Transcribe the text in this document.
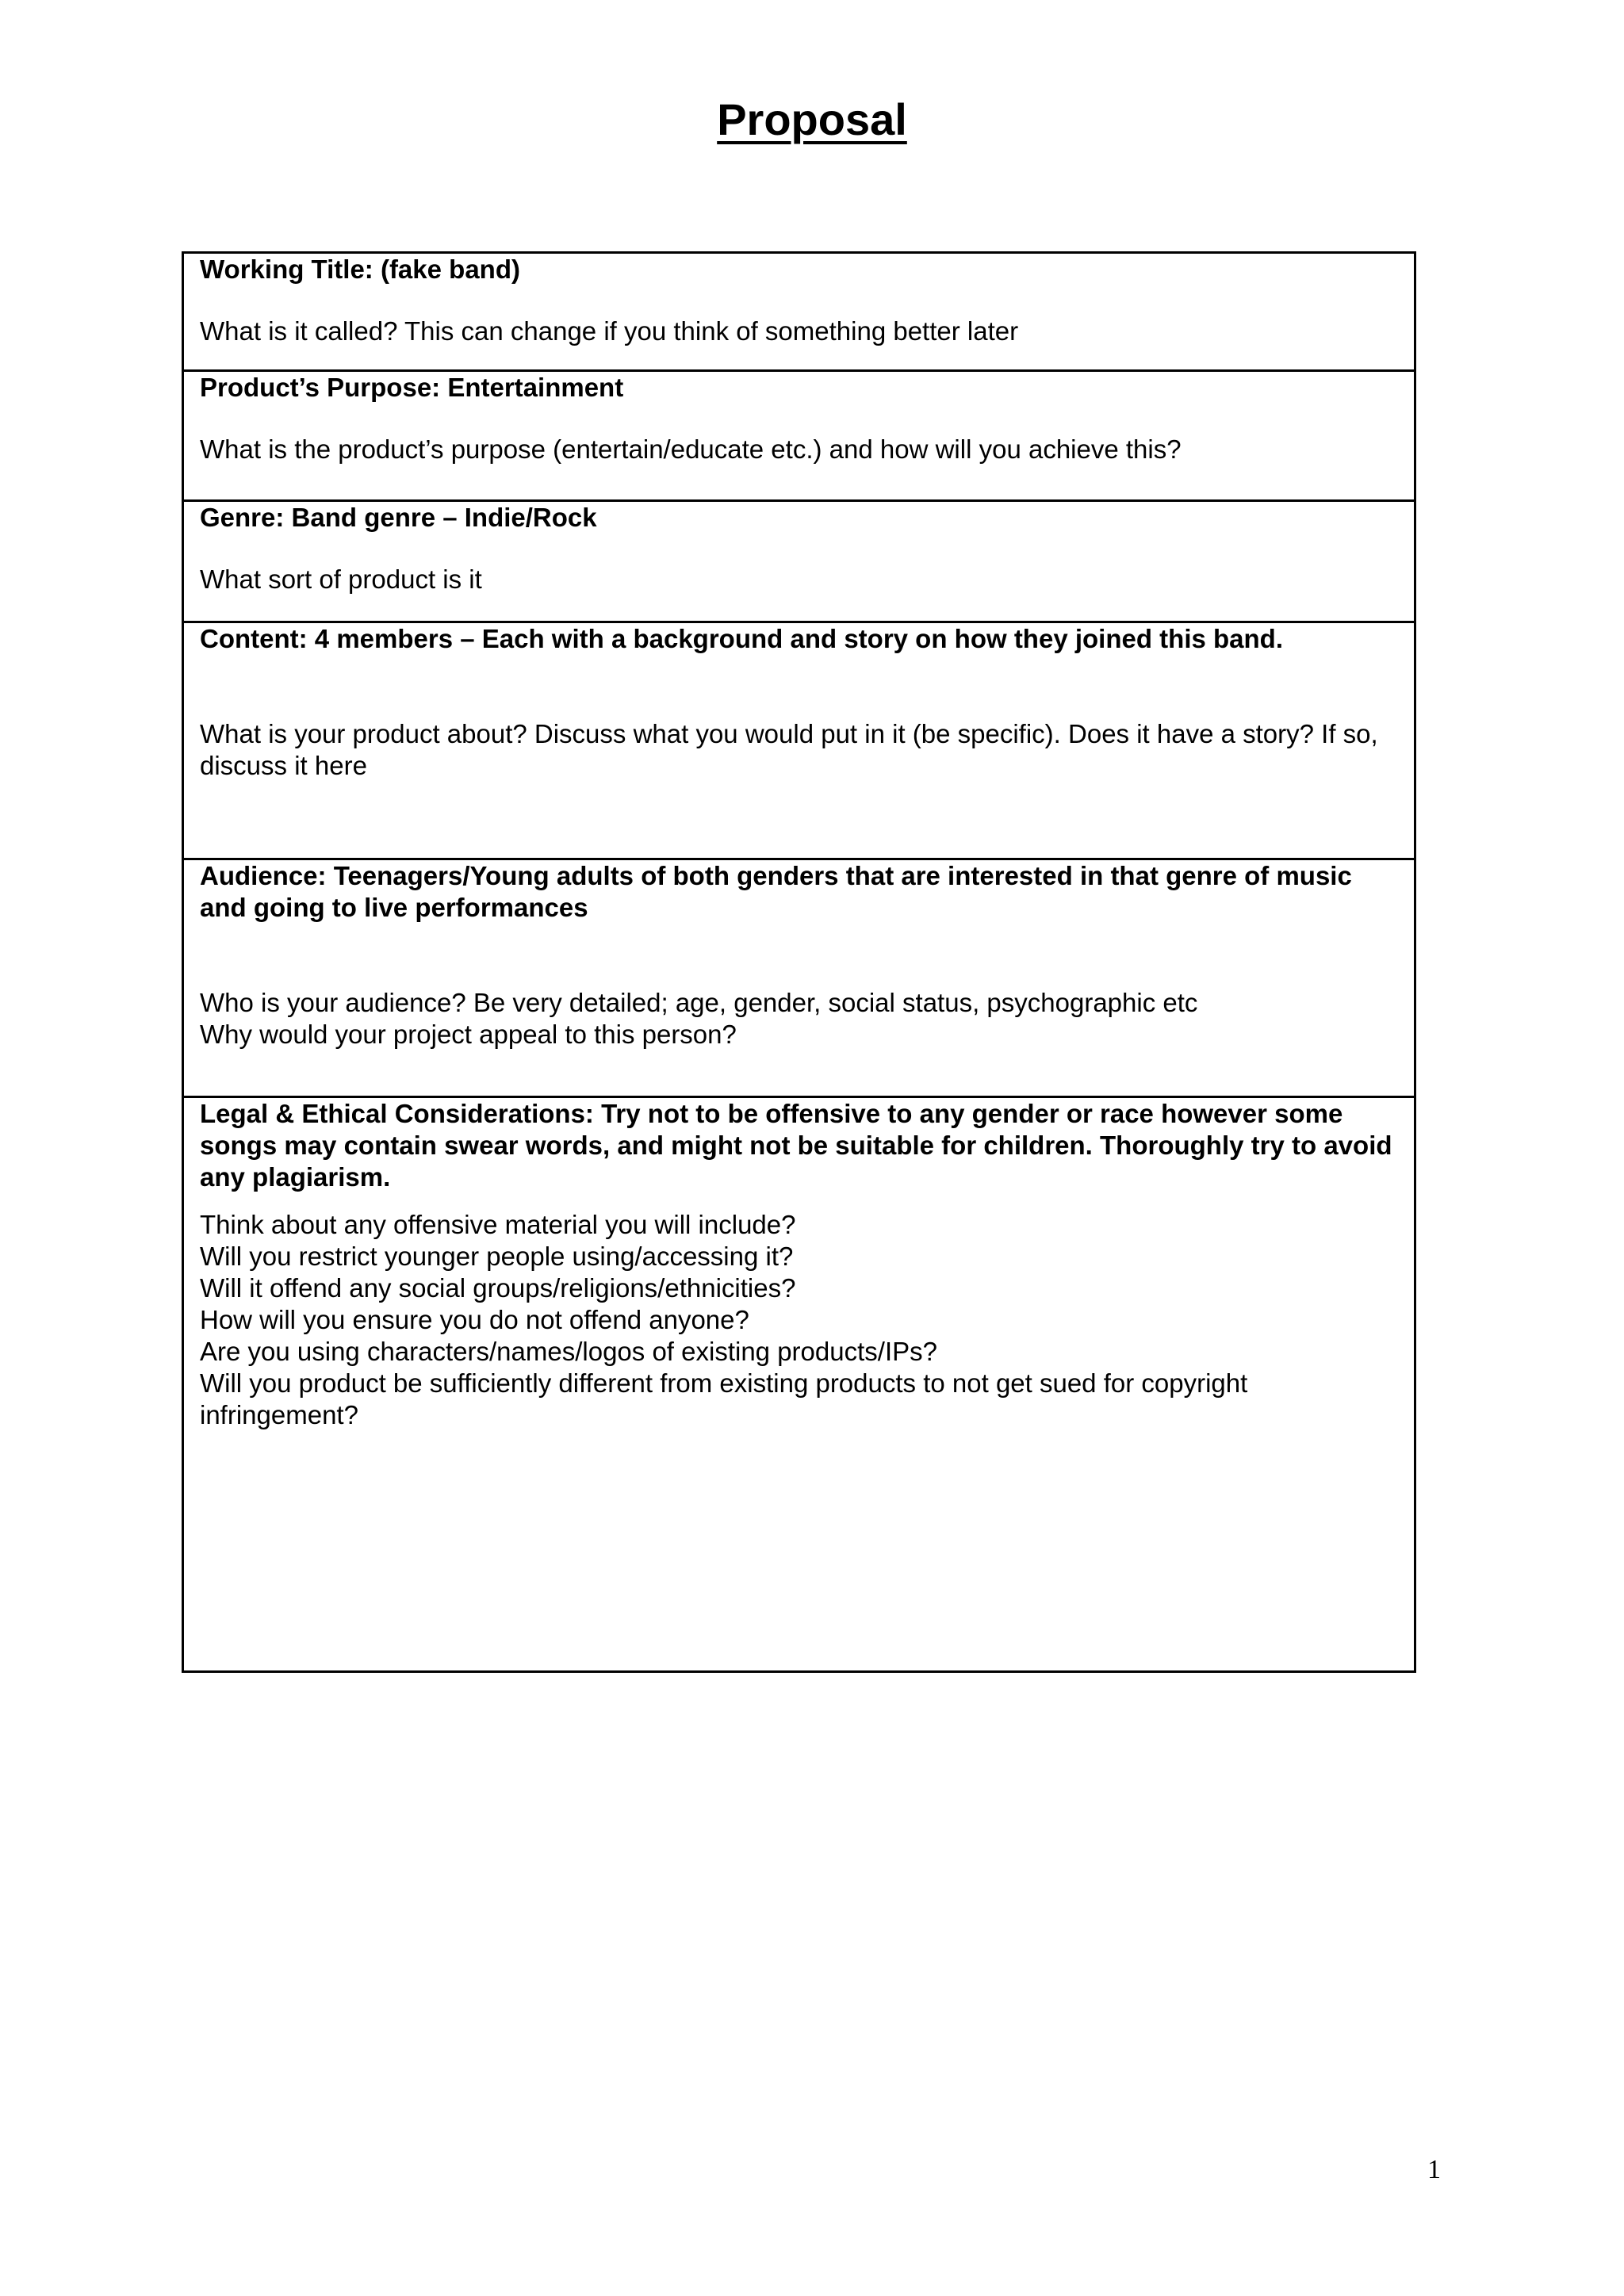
Proposal

Working Title: (fake band)

What is it called? This can change if you think of something better later

Product’s Purpose: Entertainment

What is the product’s purpose (entertain/educate etc.) and how will you achieve this?

Genre: Band genre – Indie/Rock

What sort of product is it

Content: 4 members – Each with a background and story on how they joined this band.

What is your product about? Discuss what you would put in it (be specific). Does it have a story? If so, discuss it here

Audience: Teenagers/Young adults of both genders that are interested in that genre of music and going to live performances

Who is your audience? Be very detailed; age, gender, social status, psychographic etc
Why would your project appeal to this person?

Legal & Ethical Considerations: Try not to be offensive to any gender or race however some songs may contain swear words, and might not be suitable for children. Thoroughly try to avoid any plagiarism.

Think about any offensive material you will include?
Will you restrict younger people using/accessing it?
Will it offend any social groups/religions/ethnicities?
How will you ensure you do not offend anyone?
Are you using characters/names/logos of existing products/IPs?
Will you product be sufficiently different from existing products to not get sued for copyright infringement?

1
